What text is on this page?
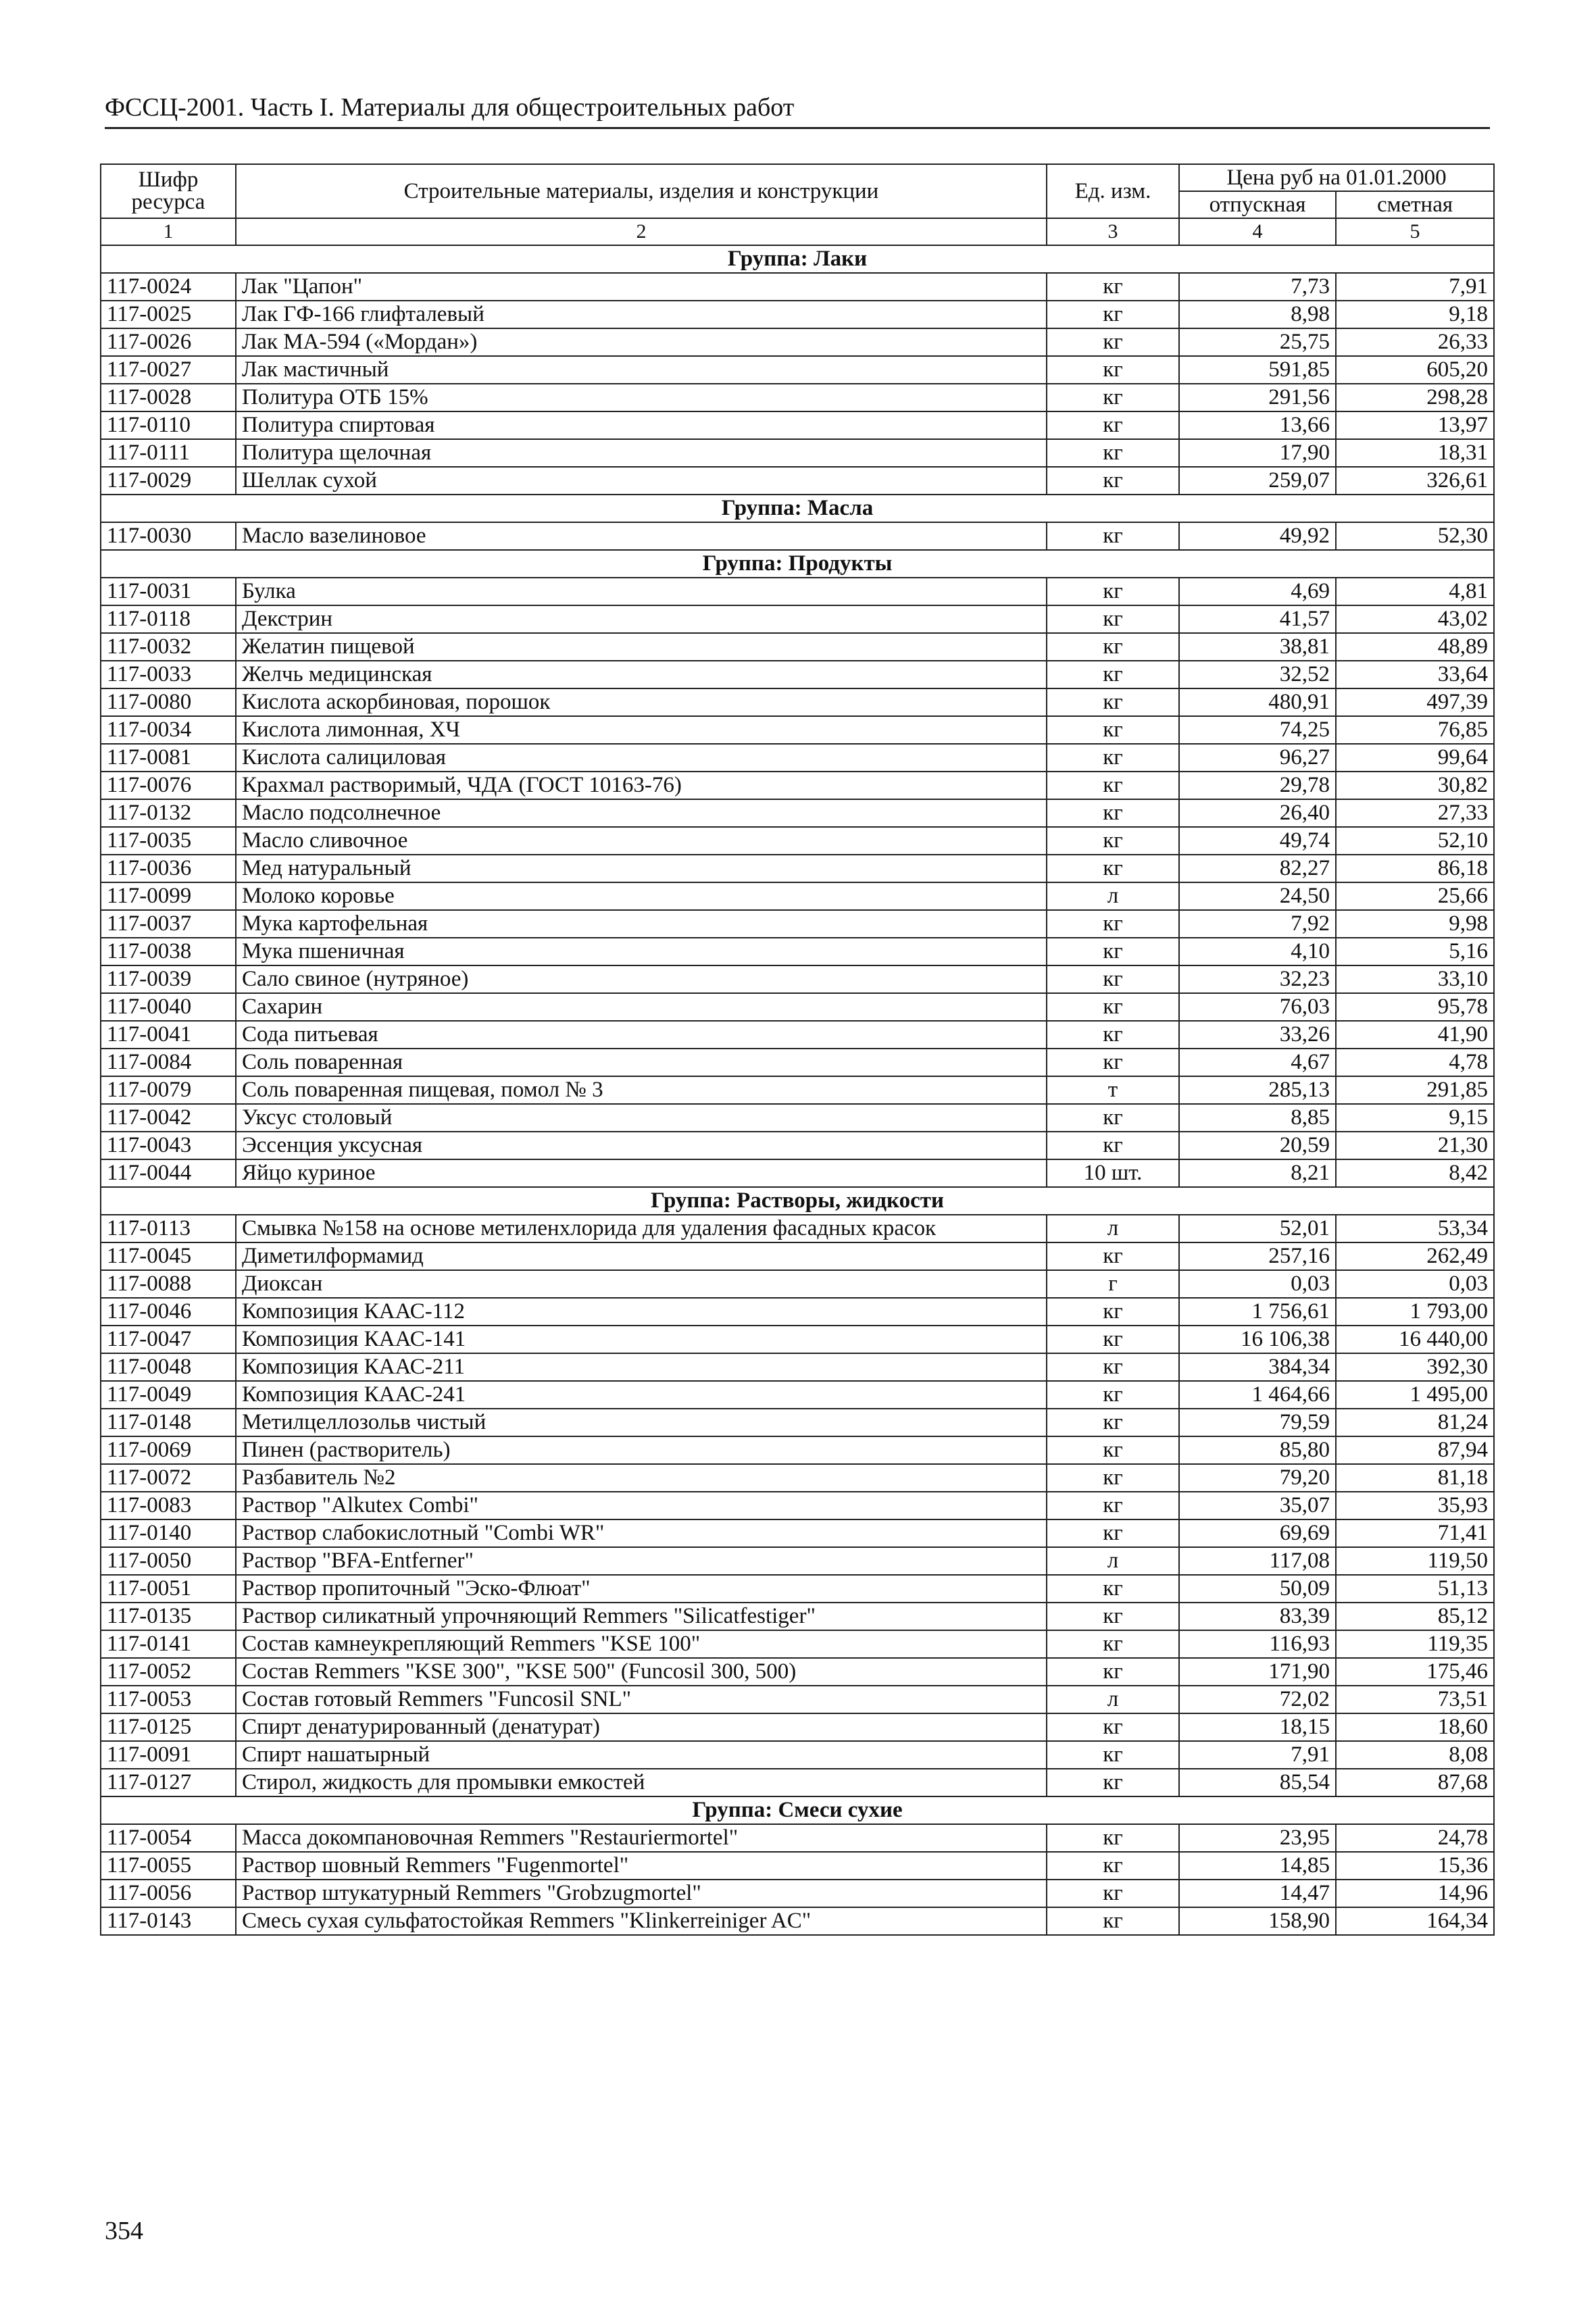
ФССЦ-2001. Часть I. Материалы для общестроительных работ
Шифр ресурса	Строительные материалы, изделия и конструкции	Ед. изм.	Цена руб на 01.01.2000	
			отпускная	сметная
1	2	3	4	5
Группа: Лаки				
117-0024	Лак "Цапон"	кг	7,73	7,91
117-0025	Лак ГФ-166 глифталевый	кг	8,98	9,18
117-0026	Лак МА-594 («Мордан»)	кг	25,75	26,33
117-0027	Лак мастичный	кг	591,85	605,20
117-0028	Политура ОТБ 15%	кг	291,56	298,28
117-0110	Политура спиртовая	кг	13,66	13,97
117-0111	Политура щелочная	кг	17,90	18,31
117-0029	Шеллак сухой	кг	259,07	326,61
Группа: Масла				
117-0030	Масло вазелиновое	кг	49,92	52,30
Группа: Продукты				
117-0031	Булка	кг	4,69	4,81
117-0118	Декстрин	кг	41,57	43,02
117-0032	Желатин пищевой	кг	38,81	48,89
117-0033	Желчь медицинская	кг	32,52	33,64
117-0080	Кислота аскорбиновая, порошок	кг	480,91	497,39
117-0034	Кислота лимонная, ХЧ	кг	74,25	76,85
117-0081	Кислота салициловая	кг	96,27	99,64
117-0076	Крахмал растворимый, ЧДА (ГОСТ 10163-76)	кг	29,78	30,82
117-0132	Масло подсолнечное	кг	26,40	27,33
117-0035	Масло сливочное	кг	49,74	52,10
117-0036	Мед натуральный	кг	82,27	86,18
117-0099	Молоко коровье	л	24,50	25,66
117-0037	Мука картофельная	кг	7,92	9,98
117-0038	Мука пшеничная	кг	4,10	5,16
117-0039	Сало свиное (нутряное)	кг	32,23	33,10
117-0040	Сахарин	кг	76,03	95,78
117-0041	Сода питьевая	кг	33,26	41,90
117-0084	Соль поваренная	кг	4,67	4,78
117-0079	Соль поваренная пищевая, помол № 3	т	285,13	291,85
117-0042	Уксус столовый	кг	8,85	9,15
117-0043	Эссенция уксусная	кг	20,59	21,30
117-0044	Яйцо куриное	10 шт.	8,21	8,42
Группа: Растворы, жидкости				
117-0113	Смывка №158 на основе метиленхлорида для удаления фасадных красок	л	52,01	53,34
117-0045	Диметилформамид	кг	257,16	262,49
117-0088	Диоксан	г	0,03	0,03
117-0046	Композиция КААС-112	кг	1 756,61	1 793,00
117-0047	Композиция КААС-141	кг	16 106,38	16 440,00
117-0048	Композиция КААС-211	кг	384,34	392,30
117-0049	Композиция КААС-241	кг	1 464,66	1 495,00
117-0148	Метилцеллозольв чистый	кг	79,59	81,24
117-0069	Пинен (растворитель)	кг	85,80	87,94
117-0072	Разбавитель №2	кг	79,20	81,18
117-0083	Раствор "Alkutex Combi"	кг	35,07	35,93
117-0140	Раствор слабокислотный "Combi WR"	кг	69,69	71,41
117-0050	Раствор "BFA-Entferner"	л	117,08	119,50
117-0051	Раствор пропиточный "Эско-Флюат"	кг	50,09	51,13
117-0135	Раствор силикатный упрочняющий Remmers "Silicatfestiger"	кг	83,39	85,12
117-0141	Состав камнеукрепляющий Remmers "KSE 100"	кг	116,93	119,35
117-0052	Состав Remmers "KSE 300", "KSE 500" (Funcosil 300, 500)	кг	171,90	175,46
117-0053	Состав готовый Remmers "Funcosil SNL"	л	72,02	73,51
117-0125	Спирт денатурированный (денатурат)	кг	18,15	18,60
117-0091	Спирт нашатырный	кг	7,91	8,08
117-0127	Стирол, жидкость для промывки емкостей	кг	85,54	87,68
Группа: Смеси сухие				
117-0054	Масса докомпановочная Remmers "Restauriermortel"	кг	23,95	24,78
117-0055	Раствор шовный Remmers "Fugenmortel"	кг	14,85	15,36
117-0056	Раствор штукатурный Remmers "Grobzugmortel"	кг	14,47	14,96
117-0143	Смесь сухая сульфатостойкая Remmers "Klinkerreiniger AC"	кг	158,90	164,34
354
